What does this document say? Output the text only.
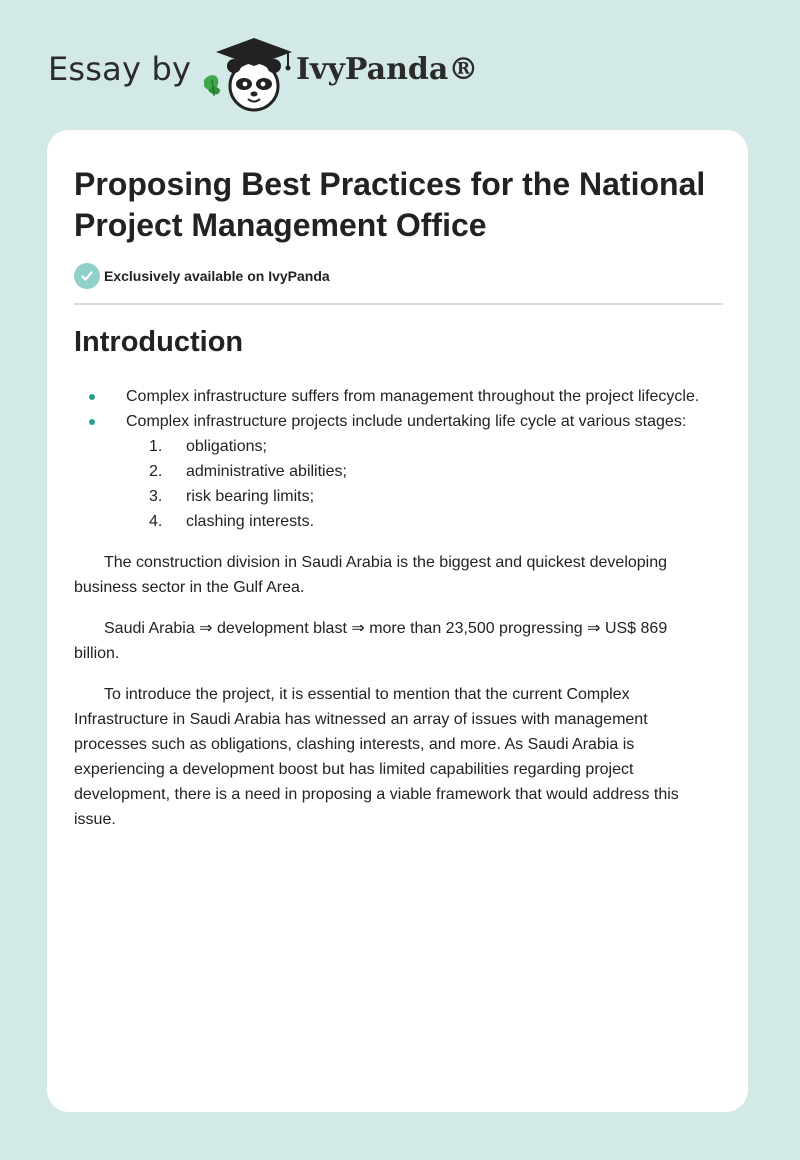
Essay by	IvyPanda®
Proposing Best Practices for the National Project Management Office
Exclusively available on IvyPanda
Introduction
Complex infrastructure suffers from management throughout the project lifecycle.
Complex infrastructure projects include undertaking life cycle at various stages:
1. obligations;
2. administrative abilities;
3. risk bearing limits;
4. clashing interests.

The construction division in Saudi Arabia is the biggest and quickest developing business sector in the Gulf Area.

Saudi Arabia ⇒ development blast ⇒ more than 23,500 progressing ⇒ US$ 869 billion.

To introduce the project, it is essential to mention that the current Complex Infrastructure in Saudi Arabia has witnessed an array of issues with management processes such as obligations, clashing interests, and more. As Saudi Arabia is experiencing a development boost but has limited capabilities regarding project development, there is a need in proposing a viable framework that would address this issue.
